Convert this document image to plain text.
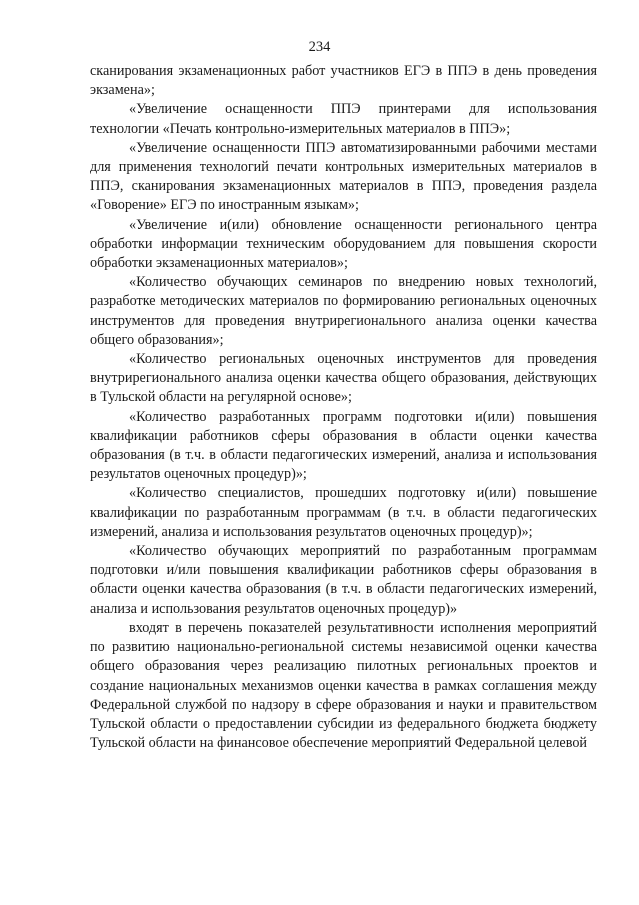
234

сканирования экзаменационных работ участников ЕГЭ в ППЭ в день проведения экзамена»;

«Увеличение оснащенности ППЭ принтерами для использования технологии «Печать контрольно-измерительных материалов в ППЭ»;

«Увеличение оснащенности ППЭ автоматизированными рабочими местами для применения технологий печати контрольных измерительных материалов в ППЭ, сканирования экзаменационных материалов в ППЭ, проведения раздела «Говорение» ЕГЭ по иностранным языкам»;

«Увеличение и(или) обновление оснащенности регионального центра обработки информации техническим оборудованием для повышения скорости обработки экзаменационных материалов»;

«Количество обучающих семинаров по внедрению новых технологий, разработке методических материалов по формированию региональных оценочных инструментов для проведения внутрирегионального анализа оценки качества общего образования»;

«Количество региональных оценочных инструментов для проведения внутрирегионального анализа оценки качества общего образования, действующих в Тульской области на регулярной основе»;

«Количество разработанных программ подготовки и(или) повышения квалификации работников сферы образования в области оценки качества образования (в т.ч. в области педагогических измерений, анализа и использования результатов оценочных процедур)»;

«Количество специалистов, прошедших подготовку и(или) повышение квалификации по разработанным программам (в т.ч. в области педагогических измерений, анализа и использования результатов оценочных процедур)»;

«Количество обучающих мероприятий по разработанным программам подготовки и/или повышения квалификации работников сферы образования в области оценки качества образования (в т.ч. в области педагогических измерений, анализа и использования результатов оценочных процедур)»

входят в перечень показателей результативности исполнения мероприятий по развитию национально-региональной системы независимой оценки качества общего образования через реализацию пилотных региональных проектов и создание национальных механизмов оценки качества в рамках соглашения между Федеральной службой по надзору в сфере образования и науки и правительством Тульской области о предоставлении субсидии из федерального бюджета бюджету Тульской области на финансовое обеспечение мероприятий Федеральной целевой
